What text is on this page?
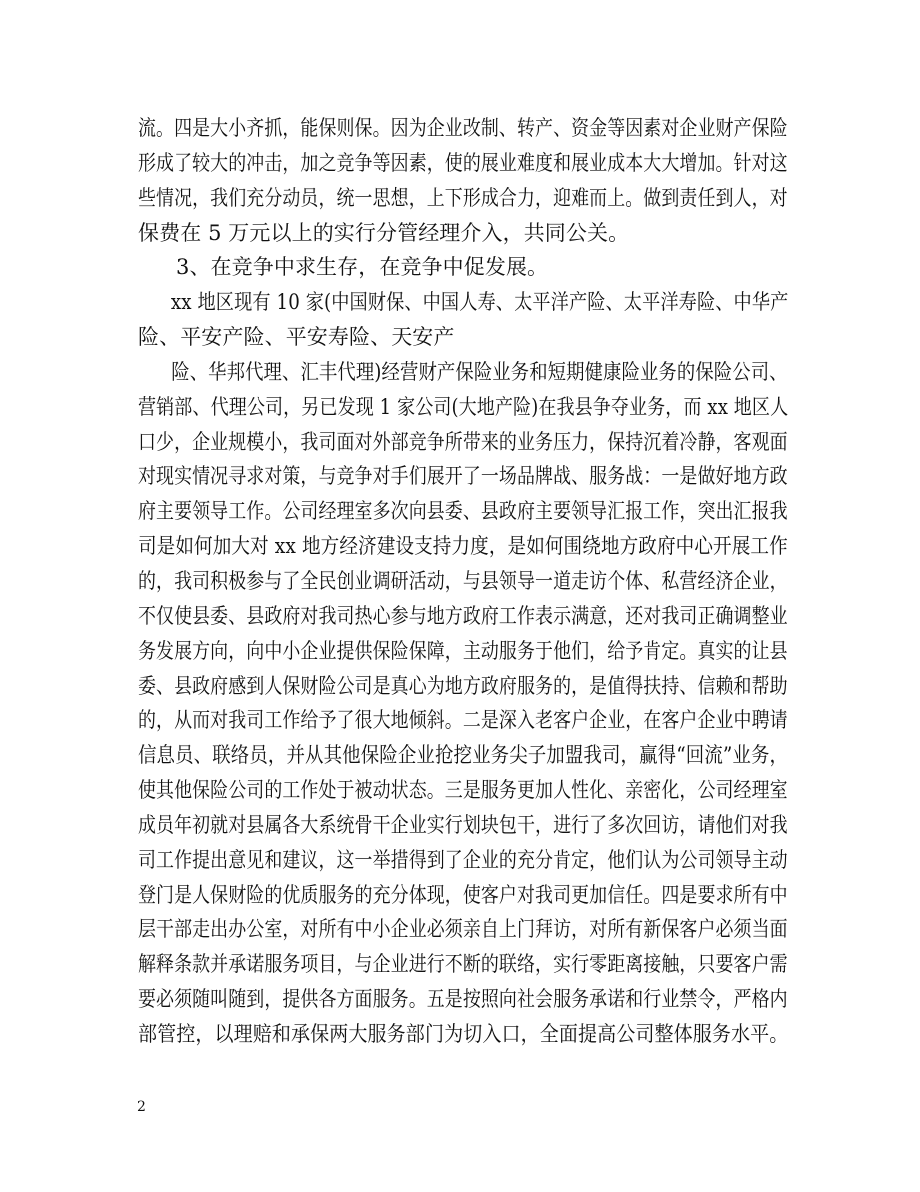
流。四是大小齐抓，能保则保。因为企业改制、转产、资金等因素对企业财产保险
形成了较大的冲击，加之竞争等因素，使的展业难度和展业成本大大增加。针对这
些情况，我们充分动员，统一思想，上下形成合力，迎难而上。做到责任到人，对
保费在 5 万元以上的实行分管经理介入，共同公关。
3、在竞争中求生存，在竞争中促发展。
xx 地区现有 10 家(中国财保、中国人寿、太平洋产险、太平洋寿险、中华产
险、平安产险、平安寿险、天安产
险、华邦代理、汇丰代理)经营财产保险业务和短期健康险业务的保险公司、
营销部、代理公司，另已发现 1 家公司(大地产险)在我县争夺业务，而 xx 地区人
口少，企业规模小，我司面对外部竞争所带来的业务压力，保持沉着冷静，客观面
对现实情况寻求对策，与竞争对手们展开了一场品牌战、服务战：一是做好地方政
府主要领导工作。公司经理室多次向县委、县政府主要领导汇报工作，突出汇报我
司是如何加大对 xx 地方经济建设支持力度，是如何围绕地方政府中心开展工作
的，我司积极参与了全民创业调研活动，与县领导一道走访个体、私营经济企业，
不仅使县委、县政府对我司热心参与地方政府工作表示满意，还对我司正确调整业
务发展方向，向中小企业提供保险保障，主动服务于他们，给予肯定。真实的让县
委、县政府感到人保财险公司是真心为地方政府服务的，是值得扶持、信赖和帮助
的，从而对我司工作给予了很大地倾斜。二是深入老客户企业，在客户企业中聘请
信息员、联络员，并从其他保险企业抢挖业务尖子加盟我司，赢得“回流”业务，
使其他保险公司的工作处于被动状态。三是服务更加人性化、亲密化，公司经理室
成员年初就对县属各大系统骨干企业实行划块包干，进行了多次回访，请他们对我
司工作提出意见和建议，这一举措得到了企业的充分肯定，他们认为公司领导主动
登门是人保财险的优质服务的充分体现，使客户对我司更加信任。四是要求所有中
层干部走出办公室，对所有中小企业必须亲自上门拜访，对所有新保客户必须当面
解释条款并承诺服务项目，与企业进行不断的联络，实行零距离接触，只要客户需
要必须随叫随到，提供各方面服务。五是按照向社会服务承诺和行业禁令，严格内
部管控，以理赔和承保两大服务部门为切入口，全面提高公司整体服务水平。
2
